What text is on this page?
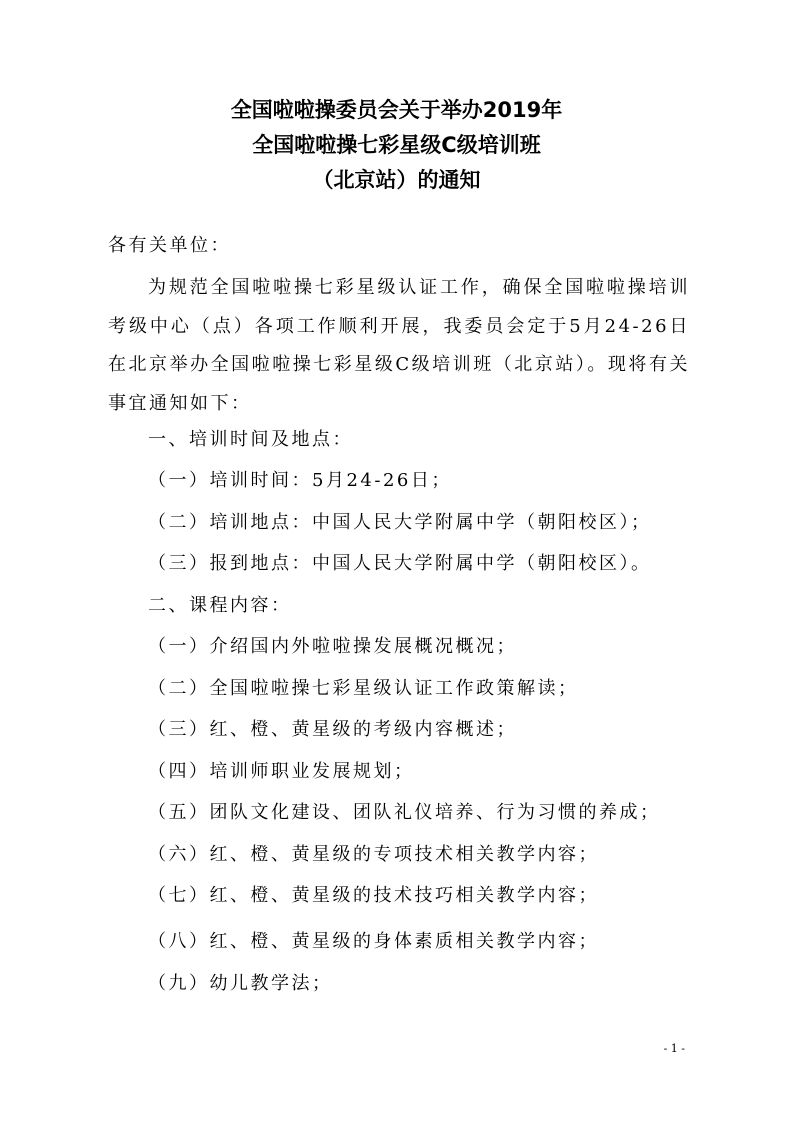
全国啦啦操委员会关于举办2019年
全国啦啦操七彩星级C级培训班
（北京站）的通知
各有关单位：
为规范全国啦啦操七彩星级认证工作，确保全国啦啦操培训考级中心（点）各项工作顺利开展，我委员会定于5月24-26日在北京举办全国啦啦操七彩星级C级培训班（北京站）。现将有关事宜通知如下：
一、培训时间及地点：
（一）培训时间：5月24-26日；
（二）培训地点：中国人民大学附属中学（朝阳校区）；
（三）报到地点：中国人民大学附属中学（朝阳校区）。
二、课程内容：
（一）介绍国内外啦啦操发展概况概况；
（二）全国啦啦操七彩星级认证工作政策解读；
（三）红、橙、黄星级的考级内容概述；
（四）培训师职业发展规划；
（五）团队文化建设、团队礼仪培养、行为习惯的养成；
（六）红、橙、黄星级的专项技术相关教学内容；
（七）红、橙、黄星级的技术技巧相关教学内容；
（八）红、橙、黄星级的身体素质相关教学内容；
（九）幼儿教学法；
- 1 -
